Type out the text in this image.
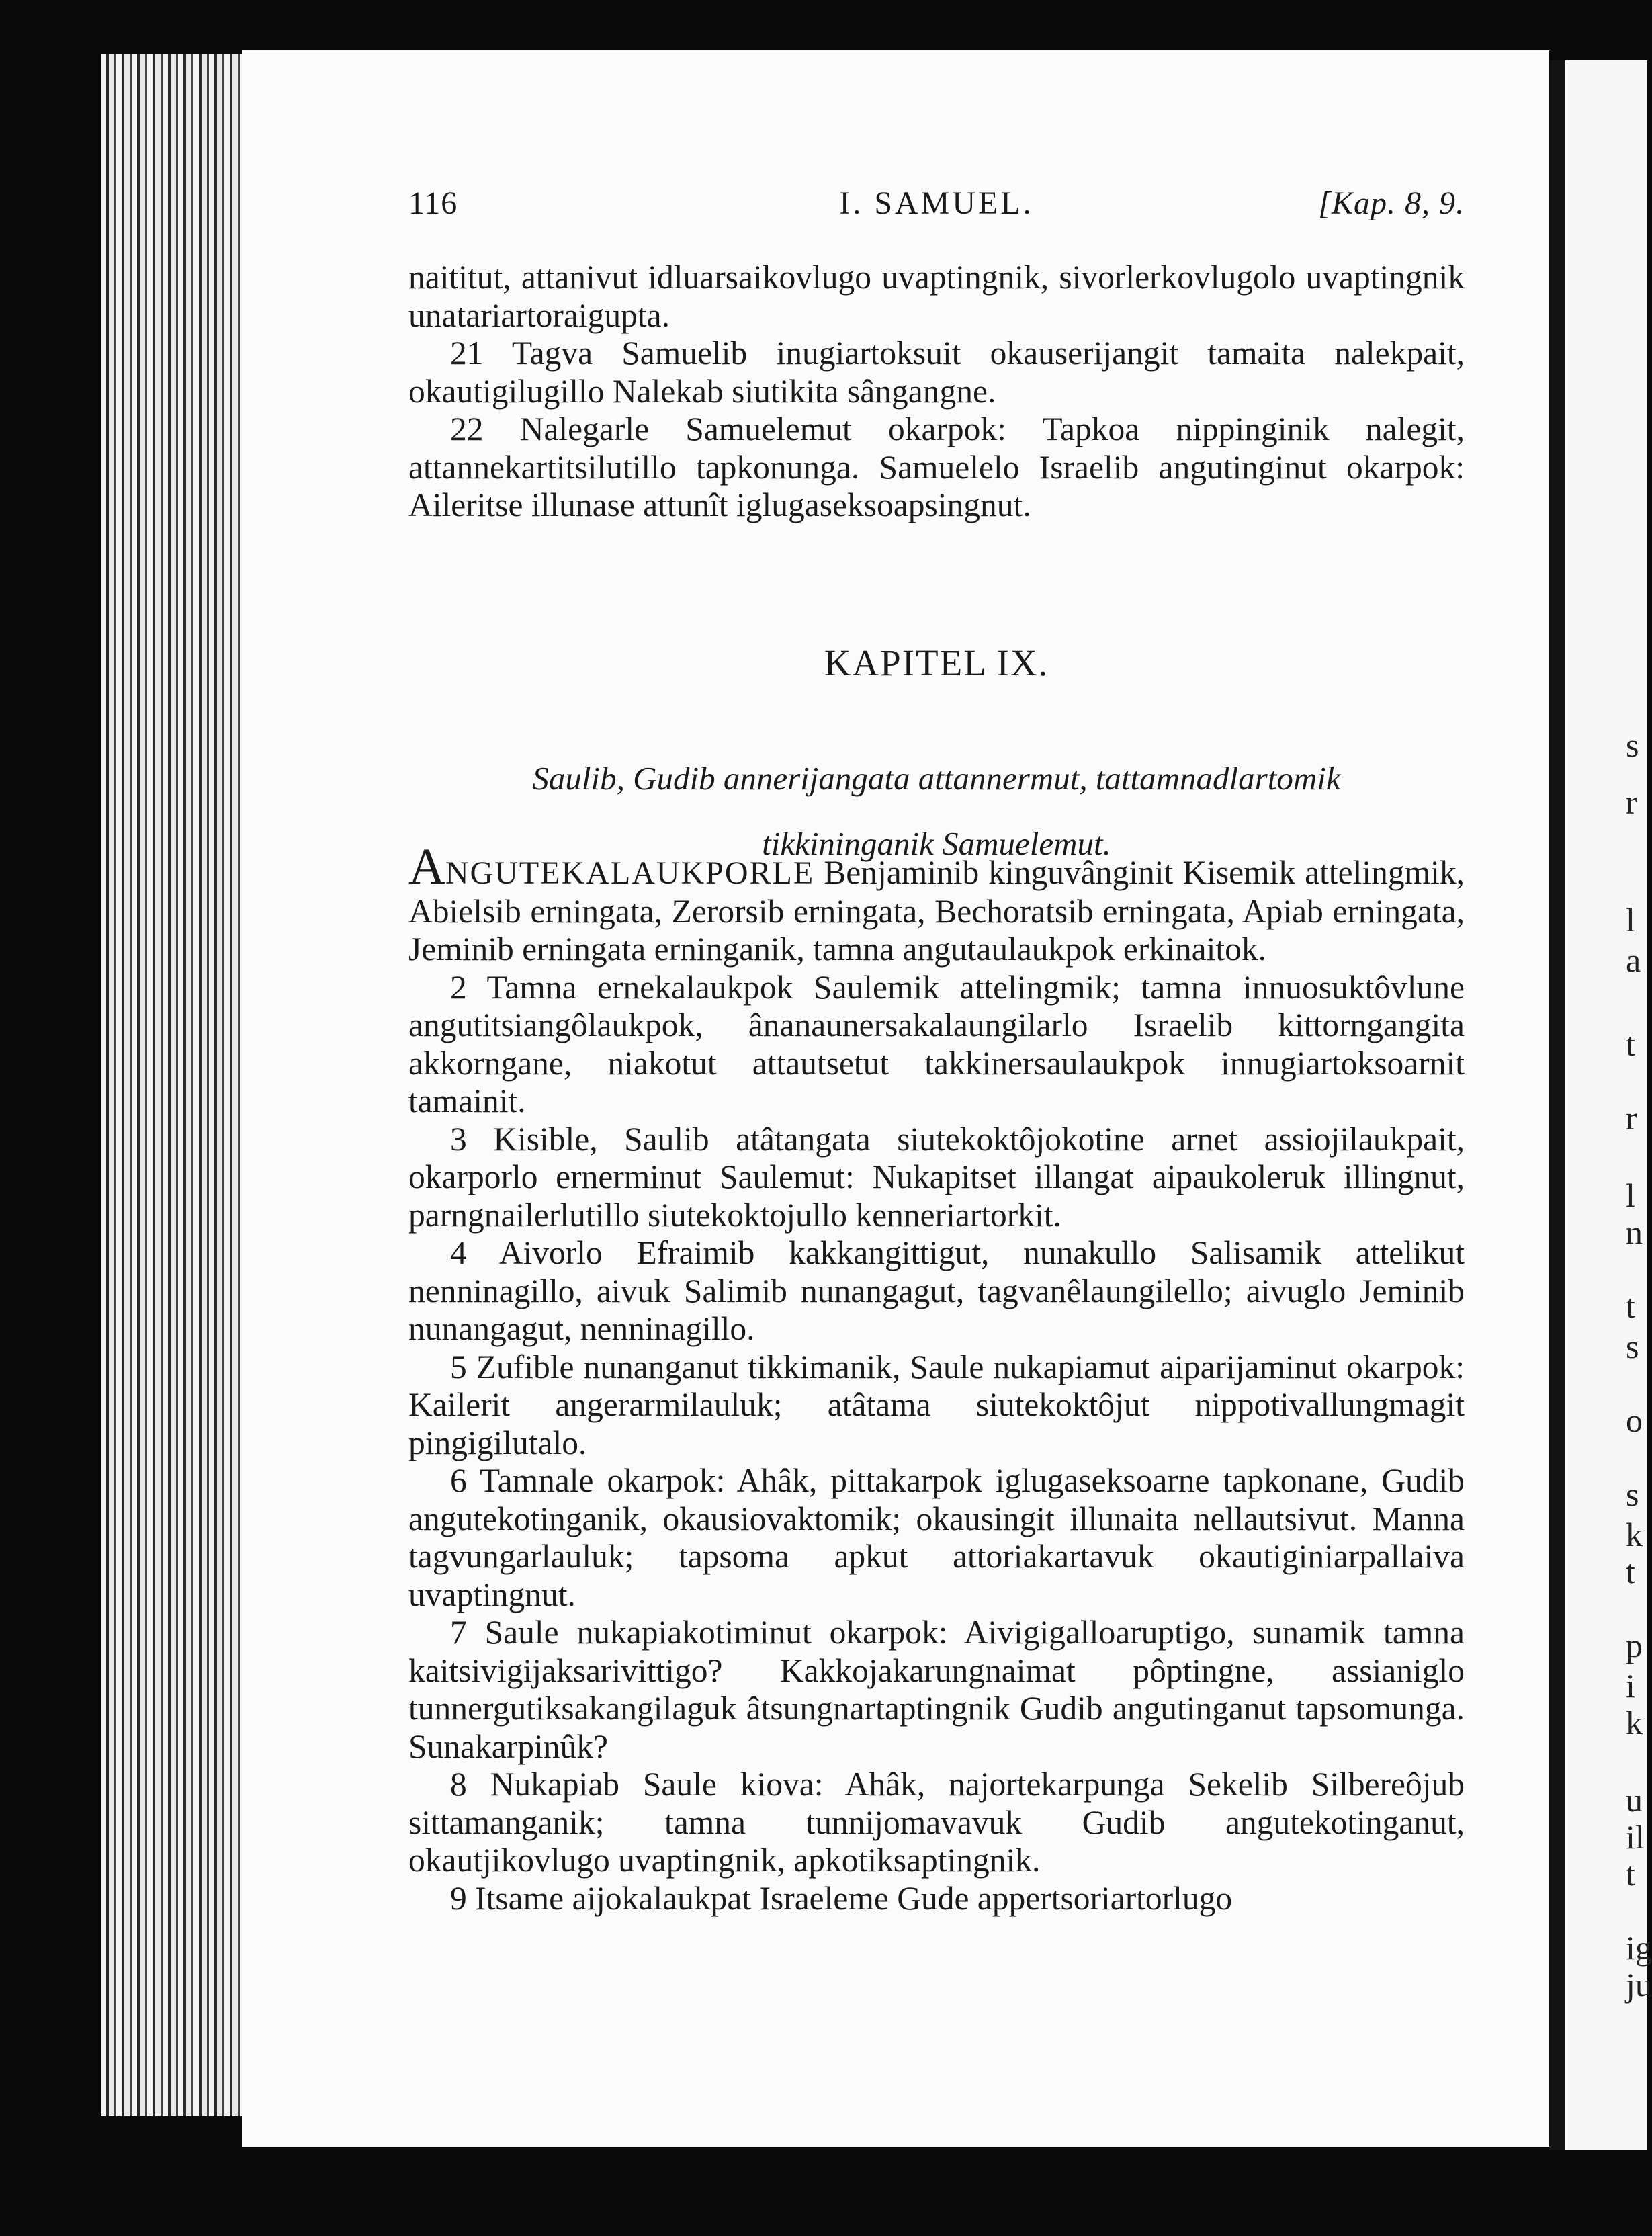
s
r
l
a
t
r
l
n
t
s
o
s
k
t
p
i
k
u
il
t
ig
ju
116	I. SAMUEL.	[Kap. 8, 9.

naititut, attanivut idluarsaikovlugo uvaptingnik, sivorlerkovlugolo uvaptingnik unatariartoraigupta.

21 Tagva Samuelib inugiartoksuit okauserijangit tamaita nalekpait, okautigilugillo Nalekab siutikita sângangne.

22 Nalegarle Samuelemut okarpok: Tapkoa nippinginik nalegit, attannekartitsilutillo tapkonunga. Samuelelo Israelib angutinginut okarpok: Aileritse illunase attunît iglugaseksoapsingnut.

KAPITEL IX.
Saulib, Gudib annerijangata attannermut, tattamnadlartomik
tikkininganik Samuelemut.

ANGUTEKALAUKPORLE Benjaminib kinguvânginit Kisemik attelingmik, Abielsib erningata, Zerorsib erningata, Bechoratsib erningata, Apiab erningata, Jeminib erningata erninganik, tamna angutaulaukpok erkinaitok.

2 Tamna ernekalaukpok Saulemik attelingmik; tamna innuosuktôvlune angutitsiangôlaukpok, ânanaunersakalaungilarlo Israelib kittorngangita akkorngane, niakotut attautsetut takkinersaulaukpok innugiartoksoarnit tamainit.

3 Kisible, Saulib atâtangata siutekoktôjokotine arnet assiojilaukpait, okarporlo ernerminut Saulemut: Nukapitset illangat aipaukoleruk illingnut, parngnailerlutillo siutekoktojullo kenneriartorkit.

4 Aivorlo Efraimib kakkangittigut, nunakullo Salisamik attelikut nenninagillo, aivuk Salimib nunangagut, tagvanêlaungilello; aivuglo Jeminib nunangagut, nenninagillo.

5 Zufible nunanganut tikkimanik, Saule nukapiamut aiparijaminut okarpok: Kailerit angerarmilauluk; atâtama siutekoktôjut nippotivallungmagit pingigilutalo.

6 Tamnale okarpok: Ahâk, pittakarpok iglugaseksoarne tapkonane, Gudib angutekotinganik, okausiovaktomik; okausingit illunaita nellautsivut. Manna tagvungarlauluk; tapsoma apkut attoriakartavuk okautiginiarpallaiva uvaptingnut.

7 Saule nukapiakotiminut okarpok: Aivigigalloaruptigo, sunamik tamna kaitsivigijaksarivittigo? Kakkojakarungnaimat pôptingne, assianiglo tunnergutiksakangilaguk âtsungnartaptingnik Gudib angutinganut tapsomunga. Sunakarpinûk?

8 Nukapiab Saule kiova: Ahâk, najortekarpunga Sekelib Silbereôjub sittamanganik; tamna tunnijomavavuk Gudib angutekotinganut, okautjikovlugo uvaptingnik, apkotiksaptingnik.

9 Itsame aijokalaukpat Israeleme Gude appertsoriartorlugo
